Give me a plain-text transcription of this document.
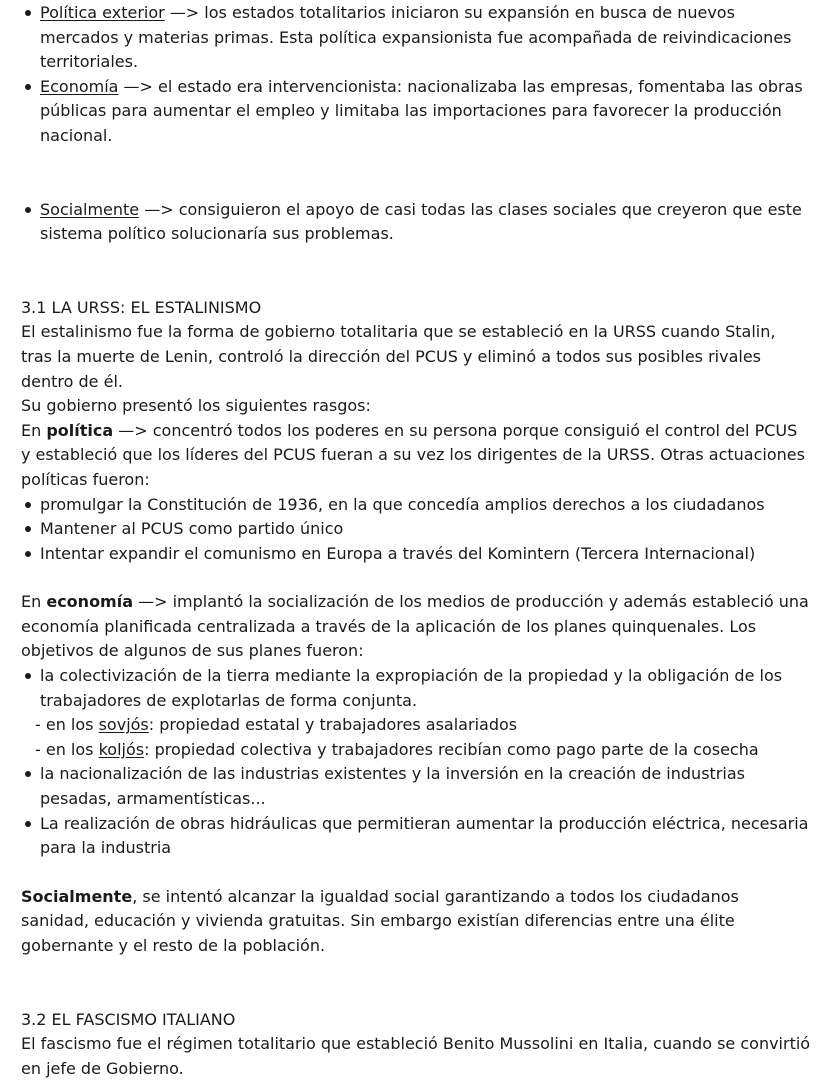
Política exterior —> los estados totalitarios iniciaron su expansión en busca de nuevos mercados y materias primas. Esta política expansionista fue acompañada de reivindicaciones territoriales.
Economía —> el estado era intervencionista: nacionalizaba las empresas, fomentaba las obras públicas para aumentar el empleo y limitaba las importaciones para favorecer la producción nacional.
Socialmente —> consiguieron el apoyo de casi todas las clases sociales que creyeron que este sistema político solucionaría sus problemas.

3.1 LA URSS: EL ESTALINISMO

El estalinismo fue la forma de gobierno totalitaria que se estableció en la URSS cuando Stalin, tras la muerte de Lenin, controló la dirección del PCUS y eliminó a todos sus posibles rivales dentro de él.

Su gobierno presentó los siguientes rasgos:

En política —> concentró todos los poderes en su persona porque consiguió el control del PCUS y estableció que los líderes del PCUS fueran a su vez los dirigentes de la URSS. Otras actuaciones políticas fueron:

promulgar la Constitución de 1936, en la que concedía amplios derechos a los ciudadanos
Mantener al PCUS como partido único
Intentar expandir el comunismo en Europa a través del Komintern (Tercera Internacional)

En economía —> implantó la socialización de los medios de producción y además estableció una economía planificada centralizada a través de la aplicación de los planes quinquenales. Los objetivos de algunos de sus planes fueron:

la colectivización de la tierra mediante la expropiación de la propiedad y la obligación de los trabajadores de explotarlas de forma conjunta.
- en los sovjós: propiedad estatal y trabajadores asalariados
- en los koljós: propiedad colectiva y trabajadores recibían como pago parte de la cosecha
la nacionalización de las industrias existentes y la inversión en la creación de industrias pesadas, armamentísticas...
La realización de obras hidráulicas que permitieran aumentar la producción eléctrica, necesaria para la industria

Socialmente, se intentó alcanzar la igualdad social garantizando a todos los ciudadanos sanidad, educación y vivienda gratuitas. Sin embargo existían diferencias entre una élite gobernante y el resto de la población.

3.2 EL FASCISMO ITALIANO

El fascismo fue el régimen totalitario que estableció Benito Mussolini en Italia, cuando se convirtió en jefe de Gobierno.
